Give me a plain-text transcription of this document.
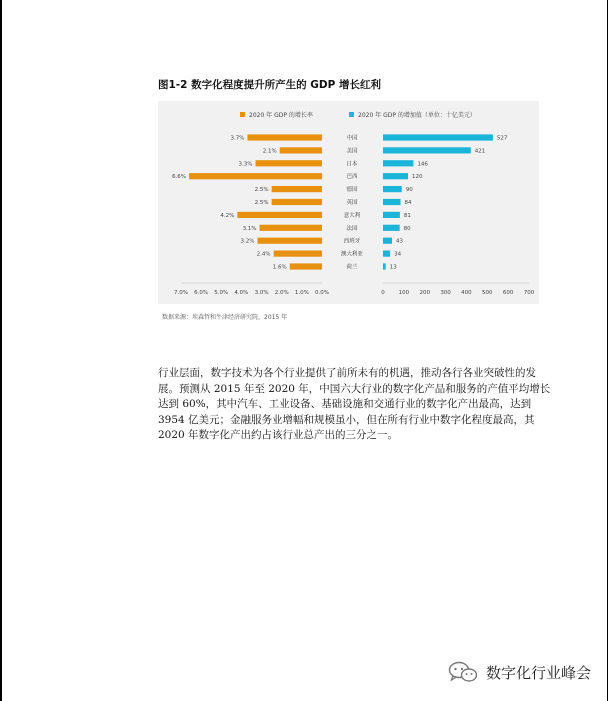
图1-2 数字化程度提升所产生的 GDP 增长红利
2020 年 GDP 的增长率	2020 年 GDP 的增加值（单位：十亿美元）
3.7%	中国	527
2.1%	美国	421
3.3%	日本	146
6.6%	巴西	120
2.5%	德国	90
2.5%	英国	84
4.2%	意大利	81
3.1%	法国	80
3.2%	西班牙	43
2.4%	澳大利亚	34
1.6%	荷兰	13
7.0% 6.0% 5.0% 4.0% 3.0% 2.0% 1.0% 0.0%	0	100 200 300 400 500 600 700
数据来源：埃森哲和牛津经济研究院，2015 年
行业层面，数字技术为各个行业提供了前所未有的机遇，推动各行各业突破性的发
展。预测从 2015 年至 2020 年，中国六大行业的数字化产品和服务的产值平均增长
达到 60%，其中汽车、工业设备、基础设施和交通行业的数字化产出最高，达到
3954 亿美元；金融服务业增幅和规模虽小，但在所有行业中数字化程度最高，其
2020 年数字化产出约占该行业总产出的三分之一。
数字化行业峰会
